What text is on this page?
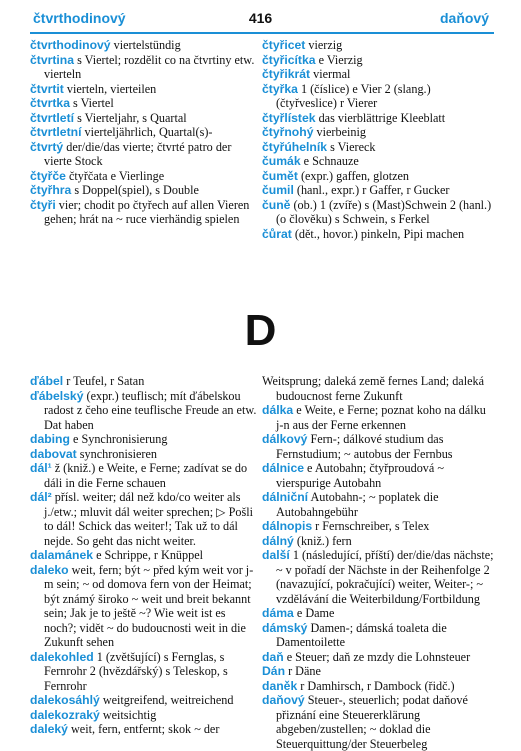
čtvrthodinový	416	daňový

čtvrthodinový viertelstündig

čtvrtina s Viertel; rozdělit co na čtvrtiny etw. vierteln

čtvrtit vierteln, vierteilen

čtvrtka s Viertel

čtvrtletí s Vierteljahr, s Quartal

čtvrtletní vierteljährlich, Quartal(s)-

čtvrtý der/die/das vierte; čtvrté patro der vierte Stock

čtyřče čtyřčata e Vierlinge

čtyřhra s Doppel(spiel), s Double

čtyři vier; chodit po čtyřech auf allen Vieren gehen; hrát na ~ ruce vierhändig spielen

čtyřicet vierzig

čtyřicítka e Vierzig

čtyřikrát viermal

čtyřka 1 (číslice) e Vier 2 (slang.) (čtyřveslice) r Vierer

čtyřlístek das vierblättrige Kleeblatt

čtyřnohý vierbeinig

čtyřúhelník s Viereck

čumák e Schnauze

čumět (expr.) gaffen, glotzen

čumil (hanl., expr.) r Gaffer, r Gucker

čuně (ob.) 1 (zvíře) s (Mast)Schwein 2 (hanl.) (o člověku) s Schwein, s Ferkel

čůrat (dět., hovor.) pinkeln, Pipi machen

D

ďábel r Teufel, r Satan

ďábelský (expr.) teuflisch; mít ďábelskou radost z čeho eine teuflische Freude an etw. Dat haben

dabing e Synchronisierung

dabovat synchronisieren

dál¹ ž (kniž.) e Weite, e Ferne; zadívat se do dáli in die Ferne schauen

dál² přísl. weiter; dál než kdo/co weiter als j./etw.; mluvit dál weiter sprechen; ▷ Pošli to dál! Schick das weiter!; Tak už to dál nejde. So geht das nicht weiter.

dalamánek e Schrippe, r Knüppel

daleko weit, fern; být ~ před kým weit vor j-m sein; ~ od domova fern von der Heimat; být známý široko ~ weit und breit bekannt sein; Jak je to ještě ~? Wie weit ist es noch?; vidět ~ do budoucnosti weit in die Zukunft sehen

dalekohled 1 (zvětšující) s Fernglas, s Fernrohr 2 (hvězdářský) s Teleskop, s Fernrohr

dalekosáhlý weitgreifend, weitreichend

dalekozraký weitsichtig

daleký weit, fern, entfernt; skok ~ der

Weitsprung; daleká země fernes Land; daleká budoucnost ferne Zukunft

dálka e Weite, e Ferne; poznat koho na dálku j-n aus der Ferne erkennen

dálkový Fern-; dálkové studium das Fernstudium; ~ autobus der Fernbus

dálnice e Autobahn; čtyřproudová ~ vierspurige Autobahn

dálniční Autobahn-; ~ poplatek die Autobahngebühr

dálnopis r Fernschreiber, s Telex

dálný (kniž.) fern

další 1 (následující, příští) der/die/das nächste; ~ v pořadí der Nächste in der Reihenfolge 2 (navazující, pokračující) weiter, Weiter-; ~ vzdělávání die Weiterbildung/Fortbildung

dáma e Dame

dámský Damen-; dámská toaleta die Damentoilette

daň e Steuer; daň ze mzdy die Lohnsteuer

Dán r Däne

daněk r Damhirsch, r Dambock (řidč.)

daňový Steuer-, steuerlich; podat daňové přiznání eine Steuererklärung abgeben/zustellen; ~ doklad die Steuerquittung/der Steuerbeleg
